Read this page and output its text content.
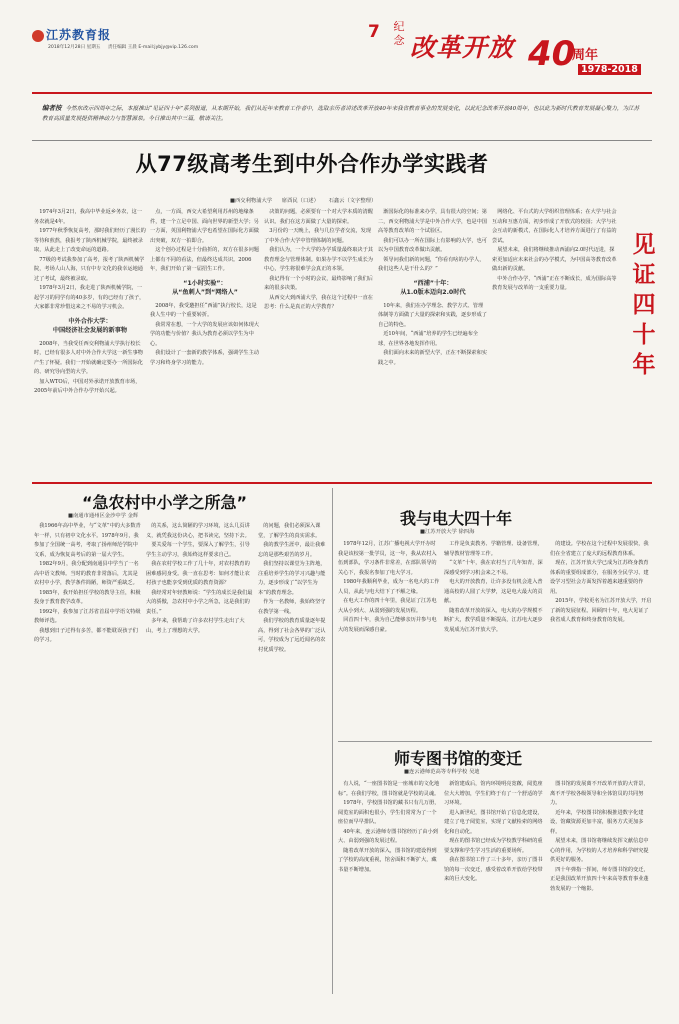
江苏教育报
2018年12月28日 星期五 责任编辑 王晨 E-mail:jybjy@vip.126.com
7	纪念 改革开放 40
周年
1978-2018
编者按 今然东改示四周年之际，本报推出“见证四十年”系列报道，从本期开始，我们从近年来教育工作者中，选取亲历者讲述改革开放40年来我省教育事业的发展变化，以此纪念改革开放40周年，也以此为新时代教育发展凝心聚力，为江苏教育高质量发展提供精神动力与智慧源泉。今日推出其中三篇，敬请关注。
从77级高考生到中外合作办学实践者
■西交利物浦大学 席酉民（口述） 石鑫云（文字整理）
见证四十年

1974年3月2日，我高中毕业返乡务农，这一务农就是4年。

1977年秋季恢复高考，那时我们经历了漫长的等待和煎熬，我报考了陕西机械学院，最终被录取，从此走上了改变命运的道路。

77级的考试我参加了高考，报考了陕西机械学院，考场人山人海，只有中专文化的我幸运地通过了考试，最终被录取。

1978年3月2日，我走进了陕西机械学院，一起学习的同学有的40多岁，有的已经有了孩子，大家都非常珍惜这来之不易的学习机会。

中外合作大学：
中国经济社会发展的新事物

2008年，当我受任西交利物浦大学执行校长时，已经有很多人对中外合作大学这一新生事物产生了怀疑。我们一开始就确定要办一所国际化的、研究导向型的大学。

加入WTO后，中国对外承诺开放教育市场，2005年前后中外合作办学开始兴起。

点，一方面，西交大希望利用苏州的地缘条件，建一个立足中国、面向世界的新型大学；另一方面，英国利物浦大学也希望在国际化方面做出突破，双方一拍即合。

这个创办过程是十分曲折的，双方在很多问题上都有不同的看法，但最终达成共识。2006年，我们开始了第一届招生工作。

“1小时实验”：
从“鱼刺人”到“网络人”

2008年，我受邀担任“西浦”执行校长，这是我人生中的一个重要转折。

我常常在想，一个大学的发展应该如何体现大学的功能与价值？我认为教育必须以学生为中心。

我们设计了一套新的教学体系，强调学生主动学习和终身学习的能力。

决策的问题，必须要有一个对大学本质的清醒认识。我们在这方面做了大量的探索。

3月份的一天晚上，我与几位学者交流，发现了中外合作大学中管理体制的问题。

我们认为，一个大学的办学质量最终取决于其教育理念与管理体制。如果办学不以学生成长为中心，学生将很难学会真正的本领。

我记得有一个小时的会议，最终影响了我们后来的很多决策。

从西交大到西浦大学，我在这个过程中一直在思考：什么是真正的大学教育？

渐国际化的标准来办学，具有很大的空间；第二，西交利物浦大学是中外合作大学，也是中国高等教育改革的一个试验区。

我们可以办一所在国际上有影响的大学，也可以为中国教育改革做出贡献。

领导问我们新的问题，“你看有啥的办学人，我们这些人是干什么的？”

“西浦”十年：
从1.0版本迈向2.0时代

10年来，我们在办学理念、教学方式、管理体制等方面做了大量的探索和实践，逐步形成了自己的特色。

近10年间，“西浦”培养的学生已经遍布全球，在世界各地发挥作用。

我们面向未来的新型大学，正在不断探索和实践之中。

网络化、平台式的大学组织管理体系；在大学与社会互动和互惠方面，初步形成了开放式的校园；大学与社会互动的新模式，在国际化人才培养方面进行了有益的尝试。

展望未来，我们将继续推动西浦向2.0时代迈进，探索更加适应未来社会的办学模式，为中国高等教育改革做出新的贡献。

中外合作办学，“西浦”正在不断成长，成为国际高等教育发展与改革的一支重要力量。

“急农村中小学之所急”
■南通市通州区金沙中学 金辉

我1966年高中毕业，与“文革”中的大多数青年一样，只有初中文化水平。1978年9月，我参加了全国统一高考，考取了扬州师范学院中文系，成为恢复高考后的第一届大学生。

1982年9月，我分配到南通县中学当了一名高中语文教师。当时的教育非常落后，尤其是农村中小学，教学条件简陋，师资严重缺乏。

1985年，我开始担任学校的教导主任，积极投身于教育教学改革。

1992年，我参加了江苏省首届中学语文特级教师评选。

我想到日子过得有多苦，都不能耽误孩子们的学习。

的关系，这么简陋的学习环境，这么几页讲义，就凭我这份决心，把书读完，坚持下去。

要关爱每一个学生，要深入了解学生，引导学生主动学习，我始终这样要求自己。

我在农村学校工作了几十年，对农村教育的困难感同身受。我一直在思考：如何才能让农村孩子也能享受到优质的教育资源？

我经常对年轻教师说：“学生的成长是我们最大的骄傲，急农村中小学之所急，这是我们的责任。”

多年来，我帮助了许多农村学生走出了大山，考上了理想的大学。

的问题，我们必须深入课堂，了解学生的真实需求。

我的教学生涯中，最让我难忘的是那些艰苦的岁月。

我们坚持以课堂为主阵地，注重培养学生的学习兴趣与能力，逐步形成了“以学生为本”的教育理念。

作为一名教师，我始终坚守在教学第一线。

我们学校的教育质量逐年提高，得到了社会各界的广泛认可，学校成为了远近闻名的农村优质学校。

我与电大四十年
■江苏开放大学 徐四海

1978年12月，江苏广播电视大学开办时我是该校第一批学员，这一年，我从农村入伍到部队，学习条件非常差，在部队领导的关心下，我报名参加了电大学习。

1980年我顺利毕业，成为一名电大的工作人员，从此与电大结下了不解之缘。

在电大工作的四十年里，我见证了江苏电大从小到大、从弱到强的发展历程。

回首四十年，我为自己能够亲历并参与电大的发展而深感自豪。

工作是负责教务、学籍管理、设备管理，辅导教材管理等工作。

“文革”十年，我在农村当了几年知青，深深感受到学习机会来之不易。

电大的开放教育，让许多没有机会进入普通高校的人圆了大学梦，这是电大最大的贡献。

随着改革开放的深入，电大的办学规模不断扩大，教学质量不断提高，江苏电大逐步发展成为江苏开放大学。

的建设。学校在这个过程中发展很快，我们在全省建立了庞大的远程教育体系。

现在，江苏开放大学已成为江苏终身教育体系的重要组成部分，在服务全民学习、建设学习型社会方面发挥着越来越重要的作用。

2015年，学校更名为江苏开放大学，开启了新的发展征程。回顾四十年，电大见证了我省成人教育和终身教育的发展。

师专图书馆的变迁
■连云港师范高等专科学校 吴迪

有人说，“一座图书馆是一座城市的文化地标”。在我们学校，图书馆就是学校的灵魂。

1978年，学校图书馆的藏书只有几万册，阅览室的面积也很小，学生们常常为了一个座位而早早排队。

40年来，连云港师专图书馆经历了由小到大、由弱到强的发展过程。

随着改革开放的深入，图书馆的建设得到了学校的高度重视，馆舍面积不断扩大，藏书量不断增加。

新馆建成后，馆内环境明亮宽敞，阅览座位大大增加，学生们终于有了一个舒适的学习环境。

进入新世纪，图书馆开始了信息化建设，建立了电子阅览室，实现了文献检索的网络化和自动化。

现在的图书馆已经成为学校教学科研的重要支撑和学生学习生活的重要场所。

我在图书馆工作了三十多年，亲历了图书馆的每一次变迁，感受着改革开放给学校带来的巨大变化。

图书馆的发展离不开改革开放的大背景，离不开学校各级领导和全体馆员的共同努力。

近年来，学校图书馆积极推进数字化建设，馆藏资源更加丰富，服务方式更加多样。

展望未来，图书馆将继续发挥文献信息中心的作用，为学校的人才培养和科学研究提供更好的服务。

四十年弹指一挥间，师专图书馆的变迁，正是我国改革开放四十年来高等教育事业蓬勃发展的一个缩影。
